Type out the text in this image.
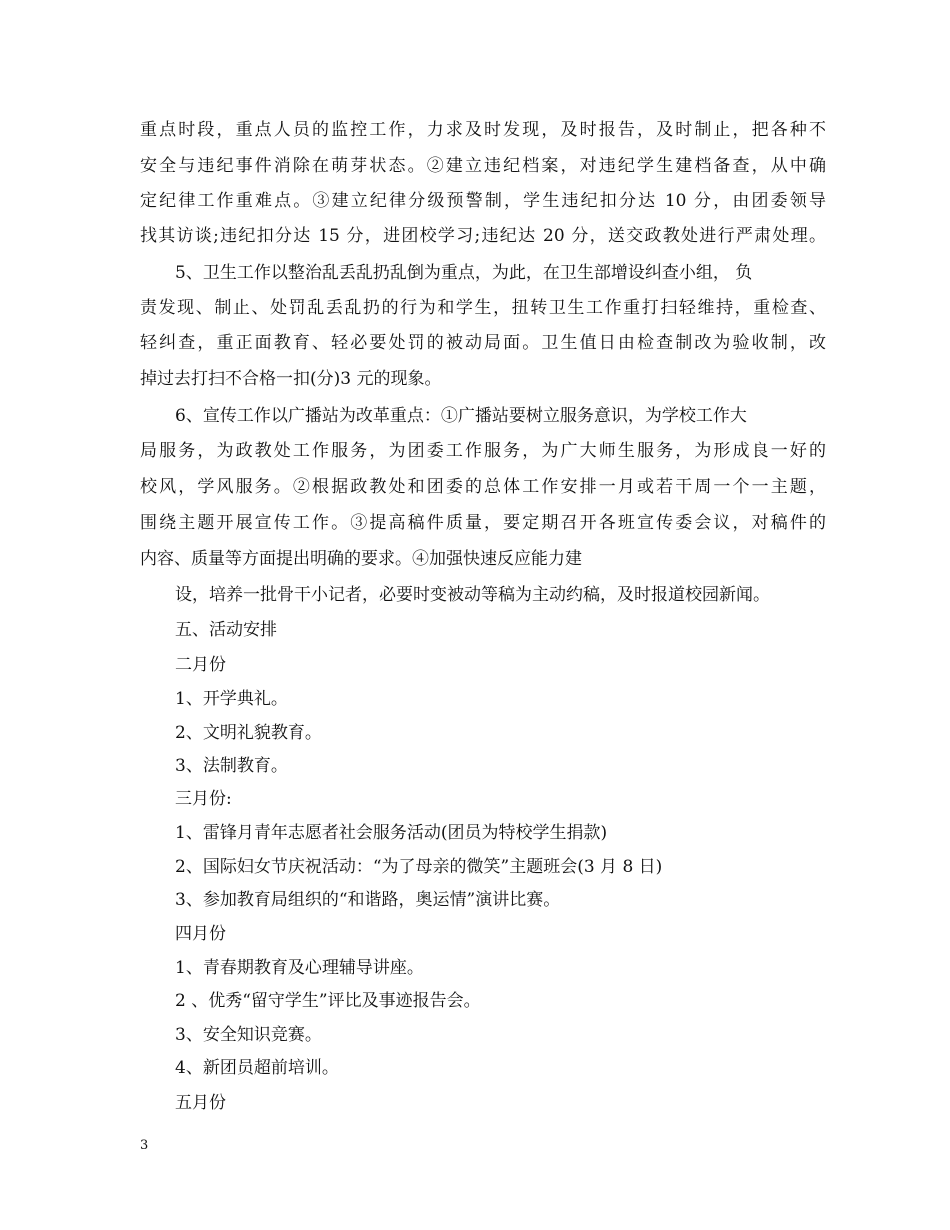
重点时段，重点人员的监控工作，力求及时发现，及时报告，及时制止，把各种不
安全与违纪事件消除在萌芽状态。②建立违纪档案，对违纪学生建档备查，从中确
定纪律工作重难点。③建立纪律分级预警制，学生违纪扣分达 10 分，由团委领导
找其访谈;违纪扣分达 15 分，进团校学习;违纪达 20 分，送交政教处进行严肃处理。
5、卫生工作以整治乱丢乱扔乱倒为重点，为此，在卫生部增设纠查小组， 负
责发现、制止、处罚乱丢乱扔的行为和学生，扭转卫生工作重打扫轻维持，重检查、
轻纠查，重正面教育、轻必要处罚的被动局面。卫生值日由检查制改为验收制，改
掉过去打扫不合格一扣(分)3 元的现象。
6、宣传工作以广播站为改革重点：①广播站要树立服务意识，为学校工作大
局服务，为政教处工作服务，为团委工作服务，为广大师生服务，为形成良一好的
校风，学风服务。②根据政教处和团委的总体工作安排一月或若干周一个一主题，
围绕主题开展宣传工作。③提高稿件质量，要定期召开各班宣传委会议，对稿件的
内容、质量等方面提出明确的要求。④加强快速反应能力建
设，培养一批骨干小记者，必要时变被动等稿为主动约稿，及时报道校园新闻。
五、活动安排
二月份
1、开学典礼。
2、文明礼貌教育。
3、法制教育。
三月份:
1、雷锋月青年志愿者社会服务活动(团员为特校学生捐款)
2、国际妇女节庆祝活动：“为了母亲的微笑”主题班会(3 月 8 日)
3、参加教育局组织的“和谐路，奥运情”演讲比赛。
四月份
1、青春期教育及心理辅导讲座。
2 、优秀“留守学生”评比及事迹报告会。
3、安全知识竞赛。
4、新团员超前培训。
五月份
3
